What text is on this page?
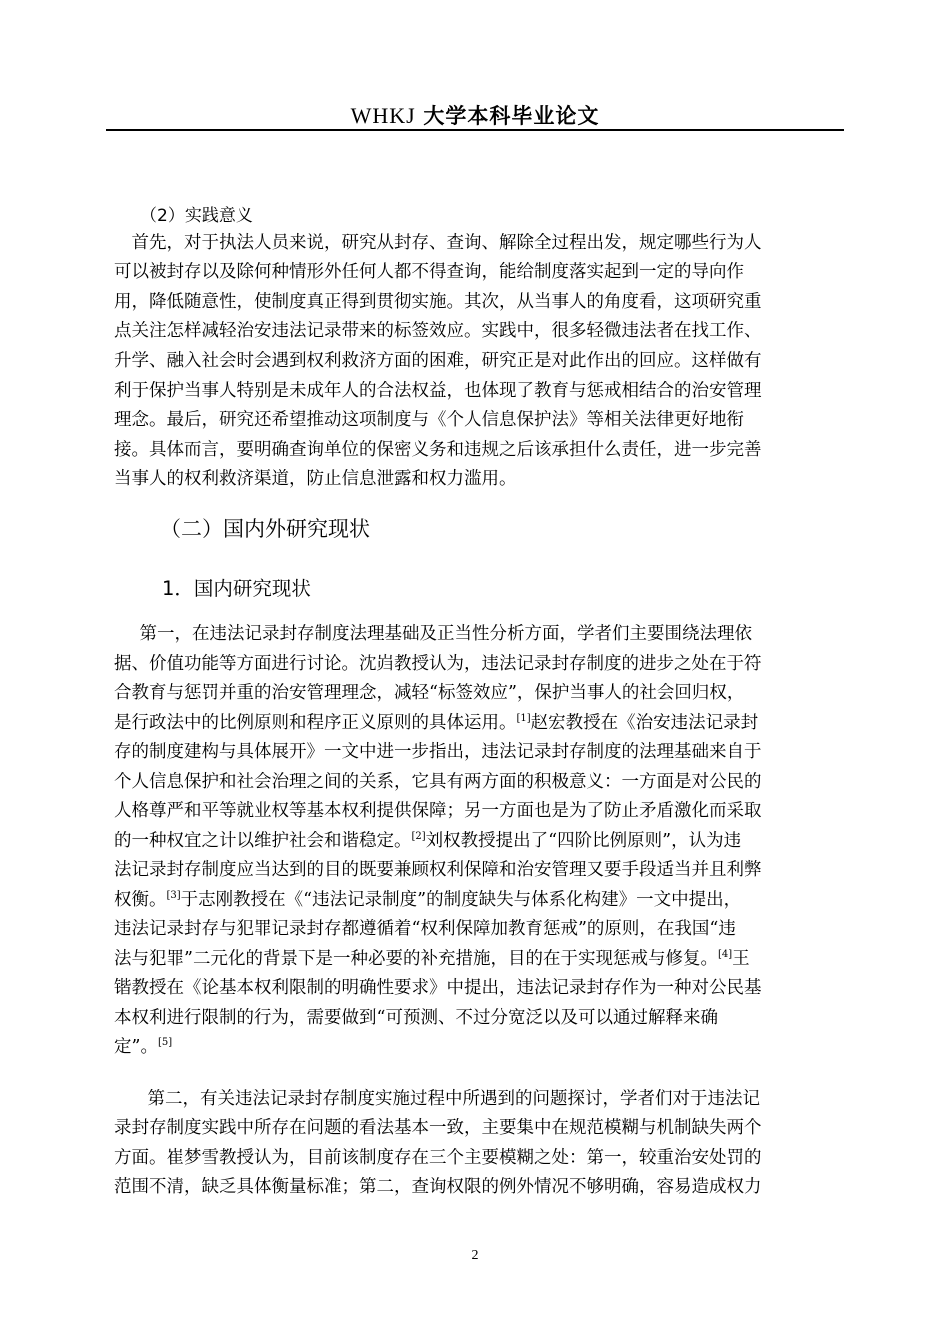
WHKJ 大学本科毕业论文
（2）实践意义
　首先，对于执法人员来说，研究从封存、查询、解除全过程出发，规定哪些行为人
可以被封存以及除何种情形外任何人都不得查询，能给制度落实起到一定的导向作
用，降低随意性，使制度真正得到贯彻实施。其次，从当事人的角度看，这项研究重
点关注怎样减轻治安违法记录带来的标签效应。实践中，很多轻微违法者在找工作、
升学、融入社会时会遇到权利救济方面的困难，研究正是对此作出的回应。这样做有
利于保护当事人特别是未成年人的合法权益，也体现了教育与惩戒相结合的治安管理
理念。最后，研究还希望推动这项制度与《个人信息保护法》等相关法律更好地衔
接。具体而言，要明确查询单位的保密义务和违规之后该承担什么责任，进一步完善
当事人的权利救济渠道，防止信息泄露和权力滥用。
（二）国内外研究现状
1．国内研究现状
　第一，在违法记录封存制度法理基础及正当性分析方面，学者们主要围绕法理依
据、价值功能等方面进行讨论。沈岿教授认为，违法记录封存制度的进步之处在于符
合教育与惩罚并重的治安管理理念，减轻“标签效应”，保护当事人的社会回归权，
是行政法中的比例原则和程序正义原则的具体运用。[1]赵宏教授在《治安违法记录封
存的制度建构与具体展开》一文中进一步指出，违法记录封存制度的法理基础来自于
个人信息保护和社会治理之间的关系，它具有两方面的积极意义：一方面是对公民的
人格尊严和平等就业权等基本权利提供保障；另一方面也是为了防止矛盾激化而采取
的一种权宜之计以维护社会和谐稳定。[2]刘权教授提出了“四阶比例原则”，认为违
法记录封存制度应当达到的目的既要兼顾权利保障和治安管理又要手段适当并且利弊
权衡。[3]于志刚教授在《“违法记录制度”的制度缺失与体系化构建》一文中提出，
违法记录封存与犯罪记录封存都遵循着“权利保障加教育惩戒”的原则，在我国“违
法与犯罪”二元化的背景下是一种必要的补充措施，目的在于实现惩戒与修复。[4]王
锴教授在《论基本权利限制的明确性要求》中提出，违法记录封存作为一种对公民基
本权利进行限制的行为，需要做到“可预测、不过分宽泛以及可以通过解释来确
定”。[5]
　第二，有关违法记录封存制度实施过程中所遇到的问题探讨，学者们对于违法记
录封存制度实践中所存在问题的看法基本一致，主要集中在规范模糊与机制缺失两个
方面。崔梦雪教授认为，目前该制度存在三个主要模糊之处：第一，较重治安处罚的
范围不清，缺乏具体衡量标准；第二，查询权限的例外情况不够明确，容易造成权力
2
